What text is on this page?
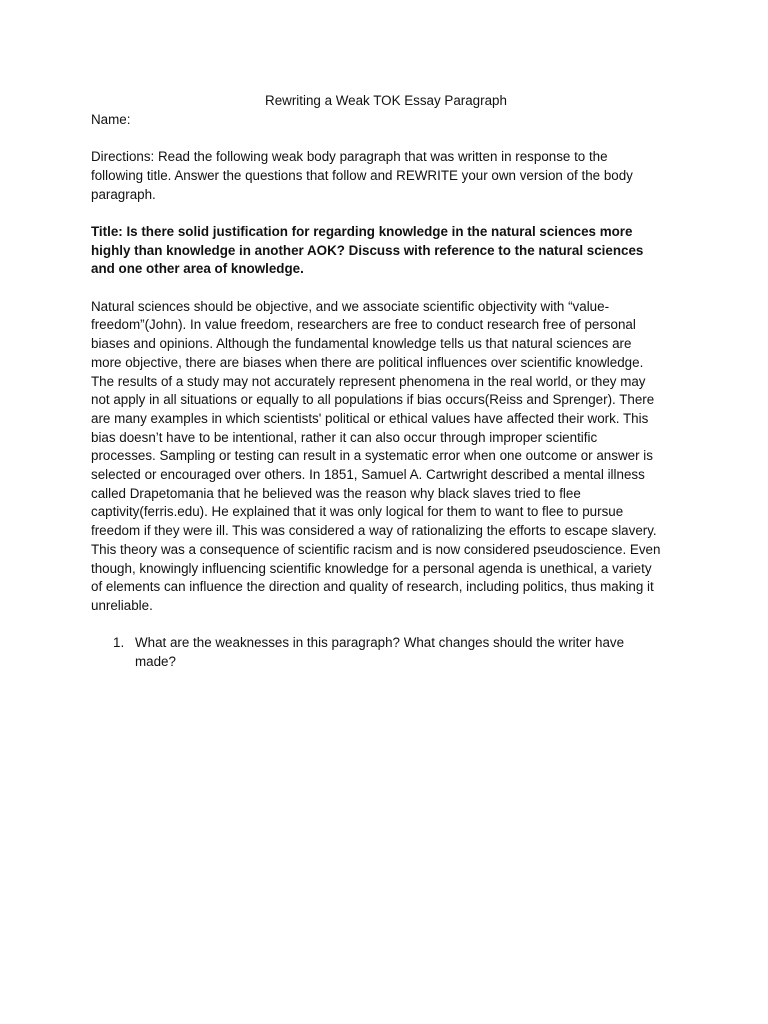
Rewriting a Weak TOK Essay Paragraph

Name:

Directions: Read the following weak body paragraph that was written in response to the
following title. Answer the questions that follow and REWRITE your own version of the body
paragraph.
Title: Is there solid justification for regarding knowledge in the natural sciences more
highly than knowledge in another AOK? Discuss with reference to the natural sciences
and one other area of knowledge.
Natural sciences should be objective, and we associate scientific objectivity with “value-
freedom”(John). In value freedom, researchers are free to conduct research free of personal
biases and opinions. Although the fundamental knowledge tells us that natural sciences are
more objective, there are biases when there are political influences over scientific knowledge.
The results of a study may not accurately represent phenomena in the real world, or they may
not apply in all situations or equally to all populations if bias occurs(Reiss and Sprenger). There
are many examples in which scientists' political or ethical values have affected their work. This
bias doesn’t have to be intentional, rather it can also occur through improper scientific
processes. Sampling or testing can result in a systematic error when one outcome or answer is
selected or encouraged over others. In 1851, Samuel A. Cartwright described a mental illness
called Drapetomania that he believed was the reason why black slaves tried to flee
captivity(ferris.edu). He explained that it was only logical for them to want to flee to pursue
freedom if they were ill. This was considered a way of rationalizing the efforts to escape slavery.
This theory was a consequence of scientific racism and is now considered pseudoscience. Even
though, knowingly influencing scientific knowledge for a personal agenda is unethical, a variety
of elements can influence the direction and quality of research, including politics, thus making it
unreliable.
1. What are the weaknesses in this paragraph? What changes should the writer have
made?
